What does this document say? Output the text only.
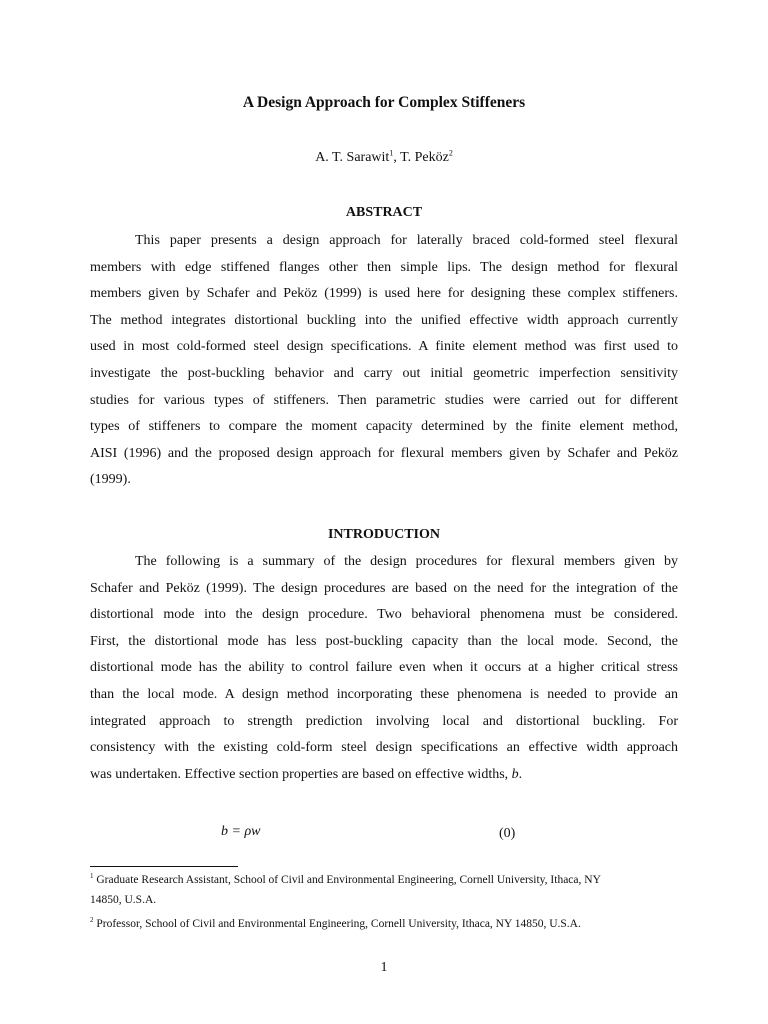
A Design Approach for Complex Stiffeners
A. T. Sarawit$^1$, T. Peköz$^2$
ABSTRACT
This paper presents a design approach for laterally braced cold-formed steel flexural
members with edge stiffened flanges other then simple lips. The design method for flexural
members given by Schafer and Peköz (1999) is used here for designing these complex stiffeners.
The method integrates distortional buckling into the unified effective width approach currently
used in most cold-formed steel design specifications. A finite element method was first used to
investigate the post-buckling behavior and carry out initial geometric imperfection sensitivity
studies for various types of stiffeners. Then parametric studies were carried out for different
types of stiffeners to compare the moment capacity determined by the finite element method,
AISI (1996) and the proposed design approach for flexural members given by Schafer and Peköz
(1999).
INTRODUCTION
The following is a summary of the design procedures for flexural members given by
Schafer and Peköz (1999). The design procedures are based on the need for the integration of the
distortional mode into the design procedure. Two behavioral phenomena must be considered.
First, the distortional mode has less post-buckling capacity than the local mode. Second, the
distortional mode has the ability to control failure even when it occurs at a higher critical stress
than the local mode. A design method incorporating these phenomena is needed to provide an
integrated approach to strength prediction involving local and distortional buckling. For
consistency with the existing cold-form steel design specifications an effective width approach
was undertaken. Effective section properties are based on effective widths, b.
b = ρw	(0)
$^1$ Graduate Research Assistant, School of Civil and Environmental Engineering, Cornell University, Ithaca, NY
14850, U.S.A.
$^2$ Professor, School of Civil and Environmental Engineering, Cornell University, Ithaca, NY 14850, U.S.A.
1
